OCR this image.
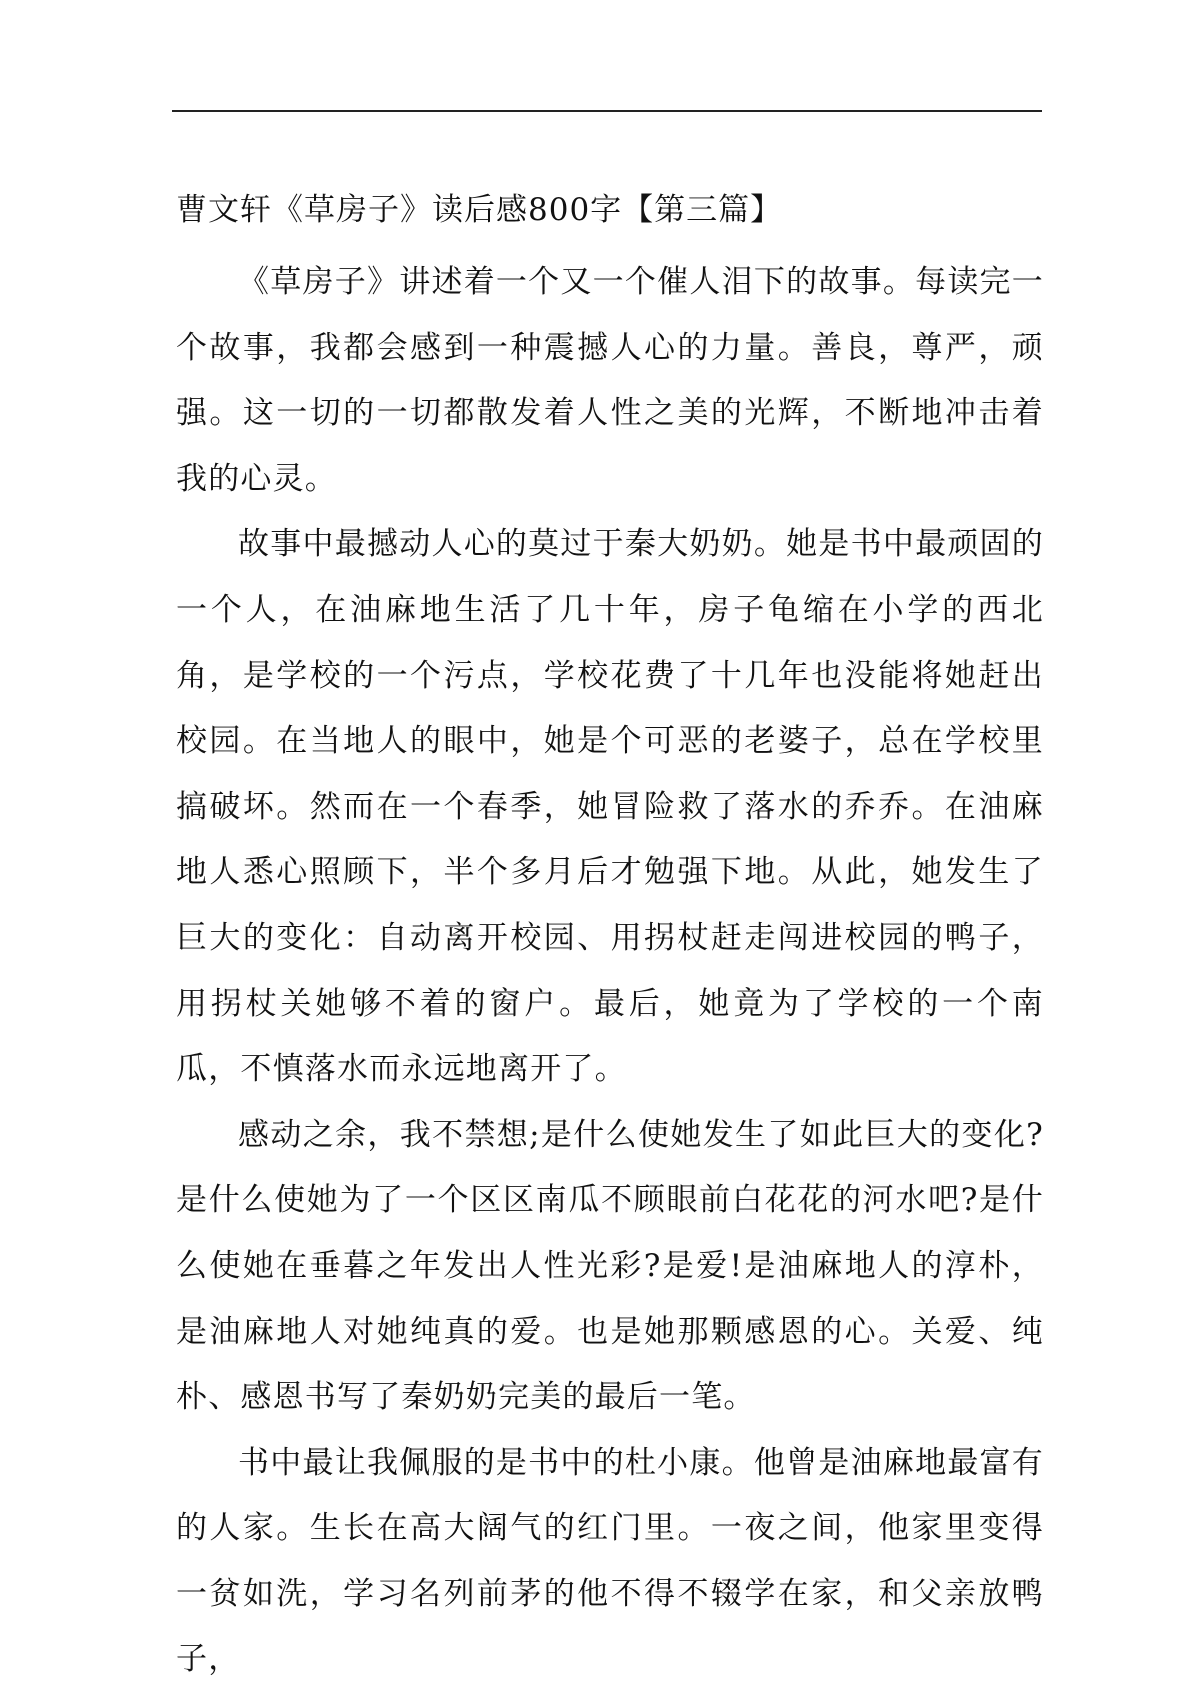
曹文轩《草房子》读后感800字【第三篇】

《草房子》讲述着一个又一个催人泪下的故事。每读完一个故事，我都会感到一种震撼人心的力量。善良，尊严，顽强。这一切的一切都散发着人性之美的光辉，不断地冲击着我的心灵。

故事中最撼动人心的莫过于秦大奶奶。她是书中最顽固的一个人，在油麻地生活了几十年，房子龟缩在小学的西北角，是学校的一个污点，学校花费了十几年也没能将她赶出校园。在当地人的眼中，她是个可恶的老婆子，总在学校里搞破坏。然而在一个春季，她冒险救了落水的乔乔。在油麻地人悉心照顾下，半个多月后才勉强下地。从此，她发生了巨大的变化：自动离开校园、用拐杖赶走闯进校园的鸭子，用拐杖关她够不着的窗户。最后，她竟为了学校的一个南瓜，不慎落水而永远地离开了。

感动之余，我不禁想;是什么使她发生了如此巨大的变化?是什么使她为了一个区区南瓜不顾眼前白花花的河水吧?是什么使她在垂暮之年发出人性光彩?是爱!是油麻地人的淳朴，是油麻地人对她纯真的爱。也是她那颗感恩的心。关爱、纯朴、感恩书写了秦奶奶完美的最后一笔。

书中最让我佩服的是书中的杜小康。他曾是油麻地最富有的人家。生长在高大阔气的红门里。一夜之间，他家里变得一贫如洗，学习名列前茅的他不得不辍学在家，和父亲放鸭子，
